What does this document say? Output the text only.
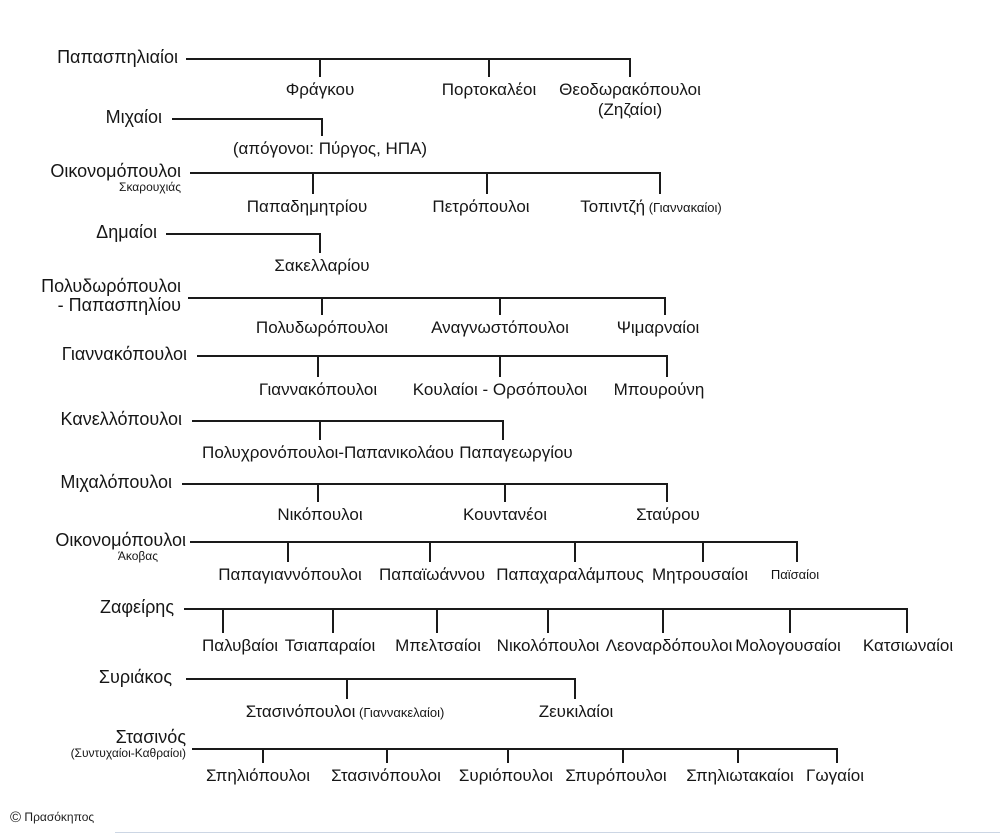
© Πρασόκηπος
Παπασπηλιαίοι
Φράγκου	Πορτοκαλέοι Θεοδωρακόπουλοι
(Ζηζαίοι)
Μιχαίοι
(απόγονοι: Πύργος, ΗΠΑ)
Οικονομόπουλοι
Σκαρουχιάς
Παπαδημητρίου	Πετρόπουλοι	Τοπιντζή (Γιαννακαίοι)
Δημαίοι
Σακελλαρίου
Πολυδωρόπουλοι
- Παπασπηλίου
Πολυδωρόπουλοι	Αναγνωστόπουλοι	Ψιμαρναίοι
Γιαννακόπουλοι
Γιαννακόπουλοι Κουλαίοι - Ορσόπουλοι Μπουρούνη
Κανελλόπουλοι
Πολυχρονόπουλοι-Παπανικολάου Παπαγεωργίου
Μιχαλόπουλοι
Νικόπουλοι	Κουντανέοι	Σταύρου
Οικονομόπουλοι
Άκοβας
Παπαγιαννόπουλοι Παπαϊωάννου Παπαχαραλάμπους Μητρουσαίοι Παϊσαίοι
Ζαφείρης
Παλυβαίοι Τσιαπαραίοι Μπελτσαίοι Νικολόπουλοι Λεοναρδόπουλοι Μολογουσαίοι Κατσιωναίοι
Συριάκος
Στασινόπουλοι (Γιαννακελαίοι)	Ζευκιλαίοι
Στασινός
(Συντυχαίοι-Καθραίοι)
Σπηλιόπουλοι Στασινόπουλοι Συριόπουλοι Σπυρόπουλοι Σπηλιωτακαίοι Γωγαίοι
